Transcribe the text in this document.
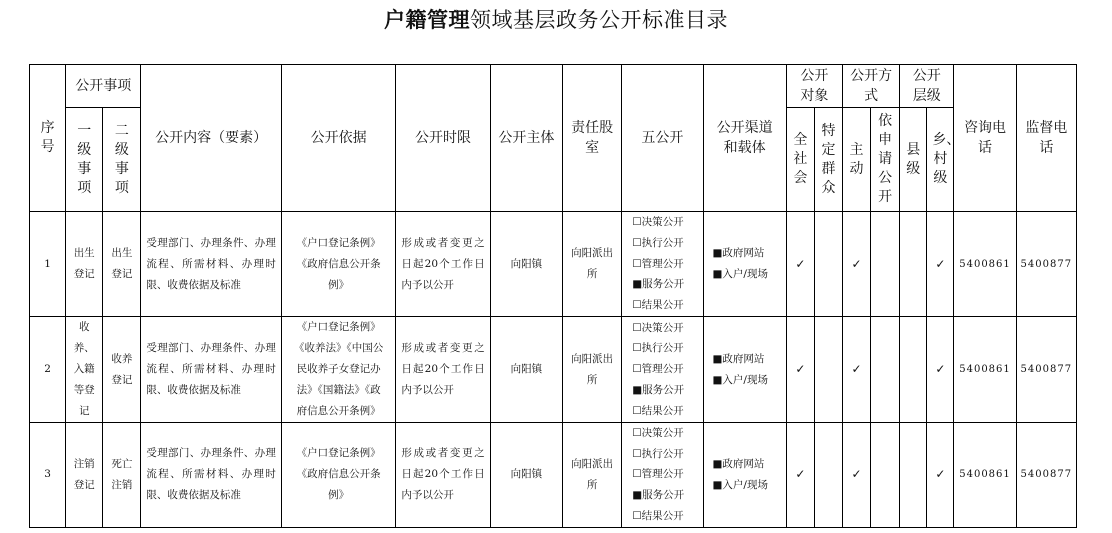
户籍管理领域基层政务公开标准目录
序号	公开事项		公开内容（要素）	公开依据	公开时限	公开主体	责任股室	五公开	公开渠道和载体	公开对象		公开方式		公开层级		咨询电话	监督电话
	一级事项	二级事项								全社会	特定群众	主动	依申请公开	县级	乡、村级		
1	出生登记	出生登记	受理部门、办理条件、办理流程、所需材料、办理时限、收费依据及标准	《户口登记条例》
《政府信息公开条
例》	形成或者变更之日起20个工作日内予以公开	向阳镇	向阳派出所	☐决策公开
☐执行公开
☐管理公开
■服务公开
☐结果公开	■政府网站
■入户/现场	✓		✓			✓	5400861	5400877
2	收养、入籍等登记	收养登记	受理部门、办理条件、办理流程、所需材料、办理时限、收费依据及标准	《户口登记条例》
《收养法》《中国公
民收养子女登记办
法》《国籍法》《政
府信息公开条例》	形成或者变更之日起20个工作日内予以公开	向阳镇	向阳派出所	☐决策公开
☐执行公开
☐管理公开
■服务公开
☐结果公开	■政府网站
■入户/现场	✓		✓			✓	5400861	5400877
3	注销登记	死亡注销	受理部门、办理条件、办理流程、所需材料、办理时限、收费依据及标准	《户口登记条例》
《政府信息公开条
例》	形成或者变更之日起20个工作日内予以公开	向阳镇	向阳派出所	☐决策公开
☐执行公开
☐管理公开
■服务公开
☐结果公开	■政府网站
■入户/现场	✓		✓			✓	5400861	5400877
